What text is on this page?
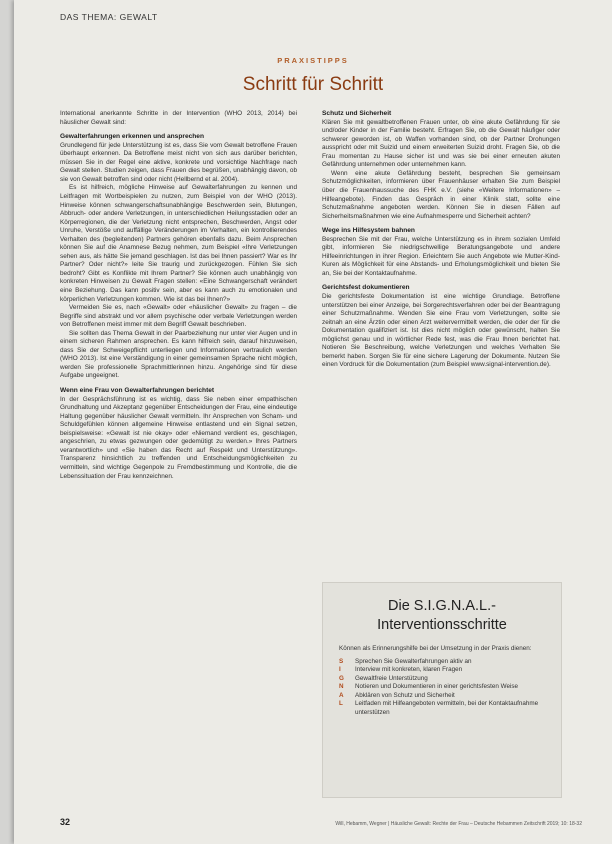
DAS THEMA: GEWALT
PRAXISTIPPS
Schritt für Schritt

International anerkannte Schritte in der Intervention (WHO 2013, 2014) bei häuslicher Gewalt sind:

Gewalterfahrungen erkennen und ansprechen

Grundlegend für jede Unterstützung ist es, dass Sie vom Gewalt betroffene Frauen überhaupt erkennen. Da Betroffene meist nicht von sich aus darüber berichten, müssen Sie in der Regel eine aktive, konkrete und vorsichtige Nachfrage nach Gewalt stellen. Studien zeigen, dass Frauen dies begrüßen, unabhängig davon, ob sie von Gewalt betroffen sind oder nicht (Hellbernd et al. 2004).

Es ist hilfreich, mögliche Hinweise auf Gewalterfahrungen zu kennen und Leitfragen mit Wortbeispielen zu nutzen, zum Beispiel von der WHO (2013). Hinweise können schwangerschaftsunabhängige Beschwerden sein, Blutungen, Abbruch- oder andere Verletzungen, in unterschiedlichen Heilungsstadien oder an Körperregionen, die der Verletzung nicht entsprechen, Beschwerden, Angst oder Unruhe, Verstöße und auffällige Veränderungen im Verhalten, ein kontrollierendes Verhalten des (begleitenden) Partners gehören ebenfalls dazu. Beim Ansprechen können Sie auf die Anamnese Bezug nehmen, zum Beispiel «Ihre Verletzungen sehen aus, als hätte Sie jemand geschlagen. Ist das bei Ihnen passiert? War es Ihr Partner? Oder nicht?» leite Sie traurig und zurückgezogen. Fühlen Sie sich bedroht? Gibt es Konflikte mit Ihrem Partner? Sie können auch unabhängig von konkreten Hinweisen zu Gewalt Fragen stellen: «Eine Schwangerschaft verändert eine Beziehung. Das kann positiv sein, aber es kann auch zu emotionalen und körperlichen Verletzungen kommen. Wie ist das bei Ihnen?»

Vermeiden Sie es, nach «Gewalt» oder «häuslicher Gewalt» zu fragen – die Begriffe sind abstrakt und vor allem psychische oder verbale Verletzungen werden von Betroffenen meist immer mit dem Begriff Gewalt beschrieben.

Sie sollten das Thema Gewalt in der Paarbeziehung nur unter vier Augen und in einem sicheren Rahmen ansprechen. Es kann hilfreich sein, darauf hinzuweisen, dass Sie der Schweigepflicht unterliegen und Informationen vertraulich werden (WHO 2013). Ist eine Verständigung in einer gemeinsamen Sprache nicht möglich, werden Sie professionelle Sprachmittlerinnen hinzu. Angehörige sind für diese Aufgabe ungeeignet.

Wenn eine Frau von Gewalterfahrungen berichtet

In der Gesprächsführung ist es wichtig, dass Sie neben einer empathischen Grundhaltung und Akzeptanz gegenüber Entscheidungen der Frau, eine eindeutige Haltung gegenüber häuslicher Gewalt vermitteln. Ihr Ansprechen von Scham- und Schuldgefühlen können allgemeine Hinweise entlastend und ein Signal setzen, beispielsweise: «Gewalt ist nie okay» oder «Niemand verdient es, geschlagen, angeschrien, zu etwas gezwungen oder gedemütigt zu werden.» Ihres Partners verantwortlich» und «Sie haben das Recht auf Respekt und Unterstützung». Transparenz hinsichtlich zu treffenden und Entscheidungsmöglichkeiten zu vermitteln, sind wichtige Gegenpole zu Fremdbestimmung und Kontrolle, die die Lebenssituation der Frau kennzeichnen.

Schutz und Sicherheit

Klären Sie mit gewaltbetroffenen Frauen unter, ob eine akute Gefährdung für sie und/oder Kinder in der Familie besteht. Erfragen Sie, ob die Gewalt häufiger oder schwerer geworden ist, ob Waffen vorhanden sind, ob der Partner Drohungen ausspricht oder mit Suizid und einem erweiterten Suizid droht. Fragen Sie, ob die Frau momentan zu Hause sicher ist und was sie bei einer erneuten akuten Gefährdung unternehmen oder unternehmen kann.

Wenn eine akute Gefährdung besteht, besprechen Sie gemeinsam Schutzmöglichkeiten, informieren über Frauenhäuser erhalten Sie zum Beispiel über die Frauenhaussuche des FHK e.V. (siehe «Weitere Informationen» – Hilfeangebote). Finden das Gespräch in einer Klinik statt, sollte eine Schutzmaßnahme angeboten werden. Können Sie in diesen Fällen auf Sicherheitsmaßnahmen wie eine Aufnahmesperre und Sicherheit achten?

Wege ins Hilfesystem bahnen

Besprechen Sie mit der Frau, welche Unterstützung es in ihrem sozialen Umfeld gibt, informieren Sie niedrigschwellige Beratungsangebote und andere Hilfeeinrichtungen in ihrer Region. Erleichtern Sie auch Angebote wie Mutter-Kind-Kuren als Möglichkeit für eine Abstands- und Erholungsmöglichkeit und bieten Sie an, Sie bei der Kontaktaufnahme.

Gerichtsfest dokumentieren

Die gerichtsfeste Dokumentation ist eine wichtige Grundlage. Betroffene unterstützen bei einer Anzeige, bei Sorgerechtsverfahren oder bei der Beantragung einer Schutzmaßnahme. Wenden Sie eine Frau vom Verletzungen, sollte sie zeitnah an eine Ärztin oder einen Arzt weitervermittelt werden, die oder der für die Dokumentation qualifiziert ist. Ist dies nicht möglich oder gewünscht, halten Sie möglichst genau und in wörtlicher Rede fest, was die Frau Ihnen berichtet hat. Notieren Sie Beschreibung, welche Verletzungen und welches Verhalten Sie bemerkt haben. Sorgen Sie für eine sichere Lagerung der Dokumente. Nutzen Sie einen Vordruck für die Dokumentation (zum Beispiel www.signal-intervention.de).

Die S.I.G.N.A.L.-
Interventionsschritte

Können als Erinnerungshilfe bei der Umsetzung in der Praxis dienen:

S	Sprechen Sie Gewalterfahrungen aktiv an
I	Interview mit konkreten, klaren Fragen
G	Gewaltfreie Unterstützung
N	Notieren und Dokumentieren in einer gerichtsfesten Weise
A	Abklären von Schutz und Sicherheit
L	Leitfaden mit Hilfeangeboten vermitteln, bei der Kontaktaufnahme unterstützen
32	Will, Hebamm, Wegner | Häusliche Gewalt: Rechte der Frau – Deutsche Hebammen Zeitschrift 2019; 10: 18-32
